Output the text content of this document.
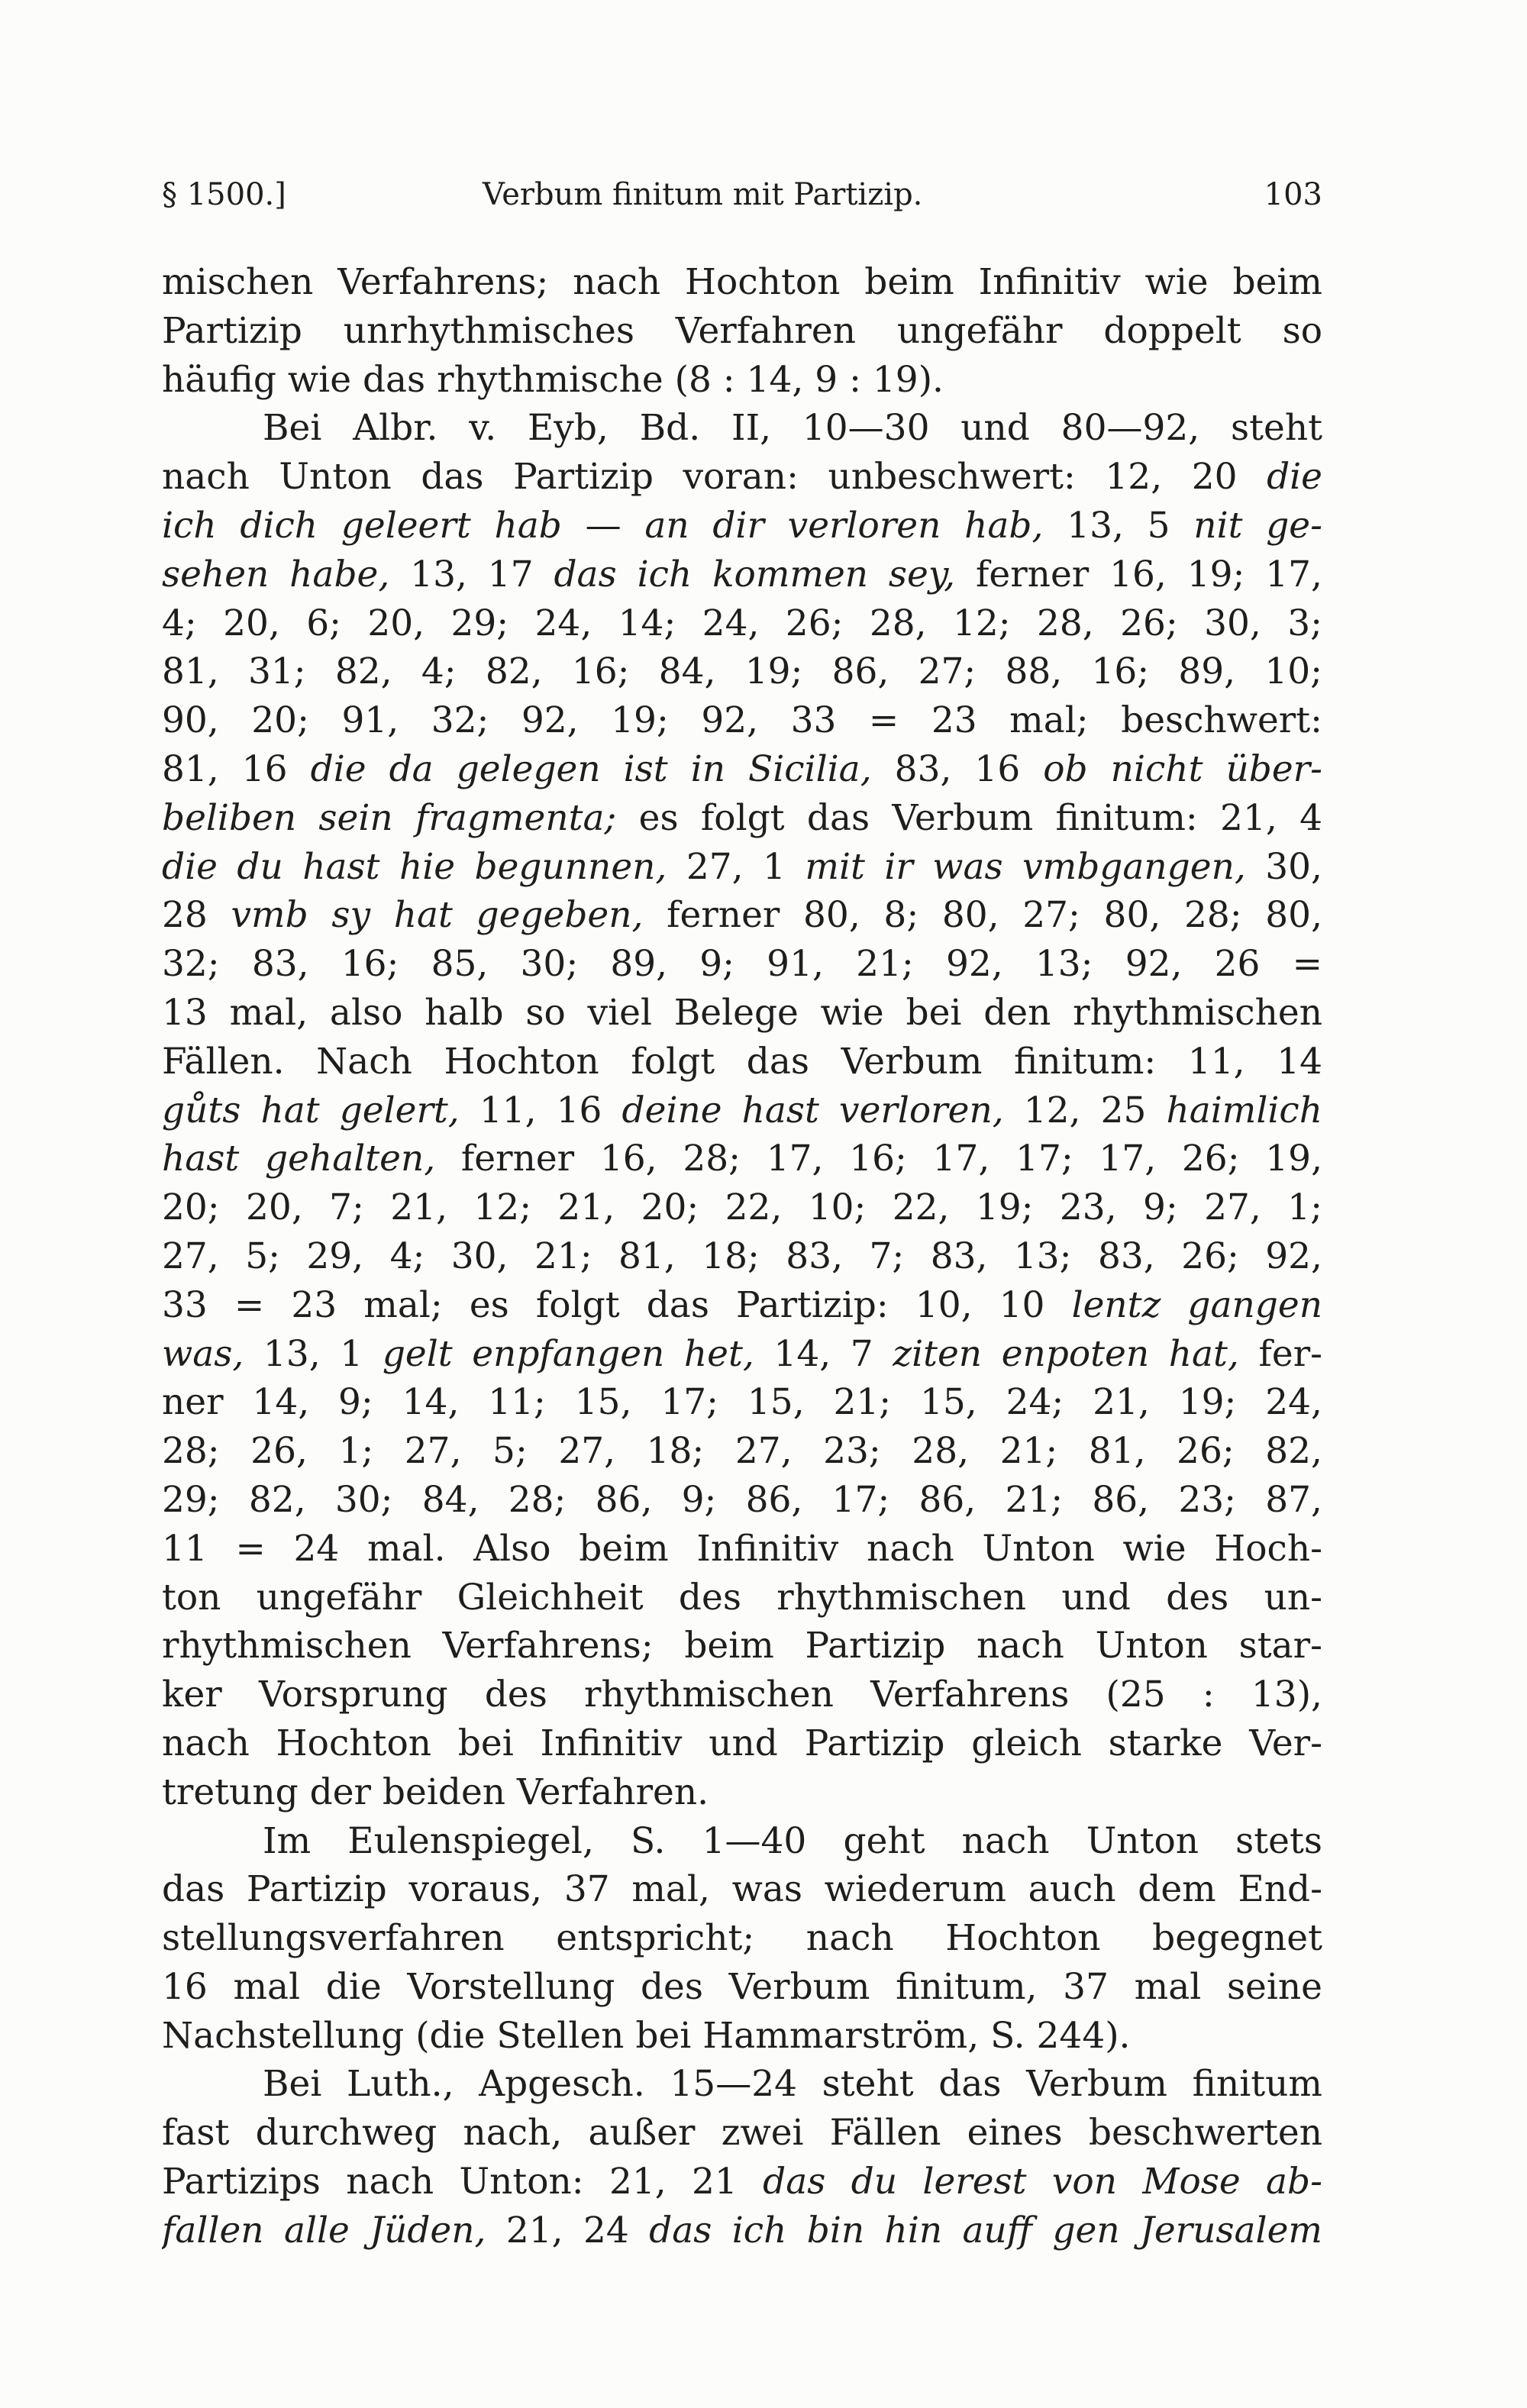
§ 1500.]	Verbum finitum mit Partizip.	103
mischen Verfahrens; nach Hochton beim Infinitiv wie beim
Partizip unrhythmisches Verfahren ungefähr doppelt so
häufig wie das rhythmische (8 : 14, 9 : 19).
Bei Albr. v. Eyb, Bd. II, 10—30 und 80—92, steht
nach Unton das Partizip voran: unbeschwert: 12, 20 die
ich dich geleert hab — an dir verloren hab, 13, 5 nit ge-
sehen habe, 13, 17 das ich kommen sey, ferner 16, 19; 17,
4; 20, 6; 20, 29; 24, 14; 24, 26; 28, 12; 28, 26; 30, 3;
81, 31; 82, 4; 82, 16; 84, 19; 86, 27; 88, 16; 89, 10;
90, 20; 91, 32; 92, 19; 92, 33 = 23 mal; beschwert:
81, 16 die da gelegen ist in Sicilia, 83, 16 ob nicht über-
beliben sein fragmenta; es folgt das Verbum finitum: 21, 4
die du hast hie begunnen, 27, 1 mit ir was vmbgangen, 30,
28 vmb sy hat gegeben, ferner 80, 8; 80, 27; 80, 28; 80,
32; 83, 16; 85, 30; 89, 9; 91, 21; 92, 13; 92, 26 =
13 mal, also halb so viel Belege wie bei den rhythmischen
Fällen. Nach Hochton folgt das Verbum finitum: 11, 14
gůts hat gelert, 11, 16 deine hast verloren, 12, 25 haimlich
hast gehalten, ferner 16, 28; 17, 16; 17, 17; 17, 26; 19,
20; 20, 7; 21, 12; 21, 20; 22, 10; 22, 19; 23, 9; 27, 1;
27, 5; 29, 4; 30, 21; 81, 18; 83, 7; 83, 13; 83, 26; 92,
33 = 23 mal; es folgt das Partizip: 10, 10 lentz gangen
was, 13, 1 gelt enpfangen het, 14, 7 ziten enpoten hat, fer-
ner 14, 9; 14, 11; 15, 17; 15, 21; 15, 24; 21, 19; 24,
28; 26, 1; 27, 5; 27, 18; 27, 23; 28, 21; 81, 26; 82,
29; 82, 30; 84, 28; 86, 9; 86, 17; 86, 21; 86, 23; 87,
11 = 24 mal. Also beim Infinitiv nach Unton wie Hoch-
ton ungefähr Gleichheit des rhythmischen und des un-
rhythmischen Verfahrens; beim Partizip nach Unton star-
ker Vorsprung des rhythmischen Verfahrens (25 : 13),
nach Hochton bei Infinitiv und Partizip gleich starke Ver-
tretung der beiden Verfahren.
Im Eulenspiegel, S. 1—40 geht nach Unton stets
das Partizip voraus, 37 mal, was wiederum auch dem End-
stellungsverfahren entspricht; nach Hochton begegnet
16 mal die Vorstellung des Verbum finitum, 37 mal seine
Nachstellung (die Stellen bei Hammarström, S. 244).
Bei Luth., Apgesch. 15—24 steht das Verbum finitum
fast durchweg nach, außer zwei Fällen eines beschwerten
Partizips nach Unton: 21, 21 das du lerest von Mose ab-
fallen alle Jüden, 21, 24 das ich bin hin auff gen Jerusalem
